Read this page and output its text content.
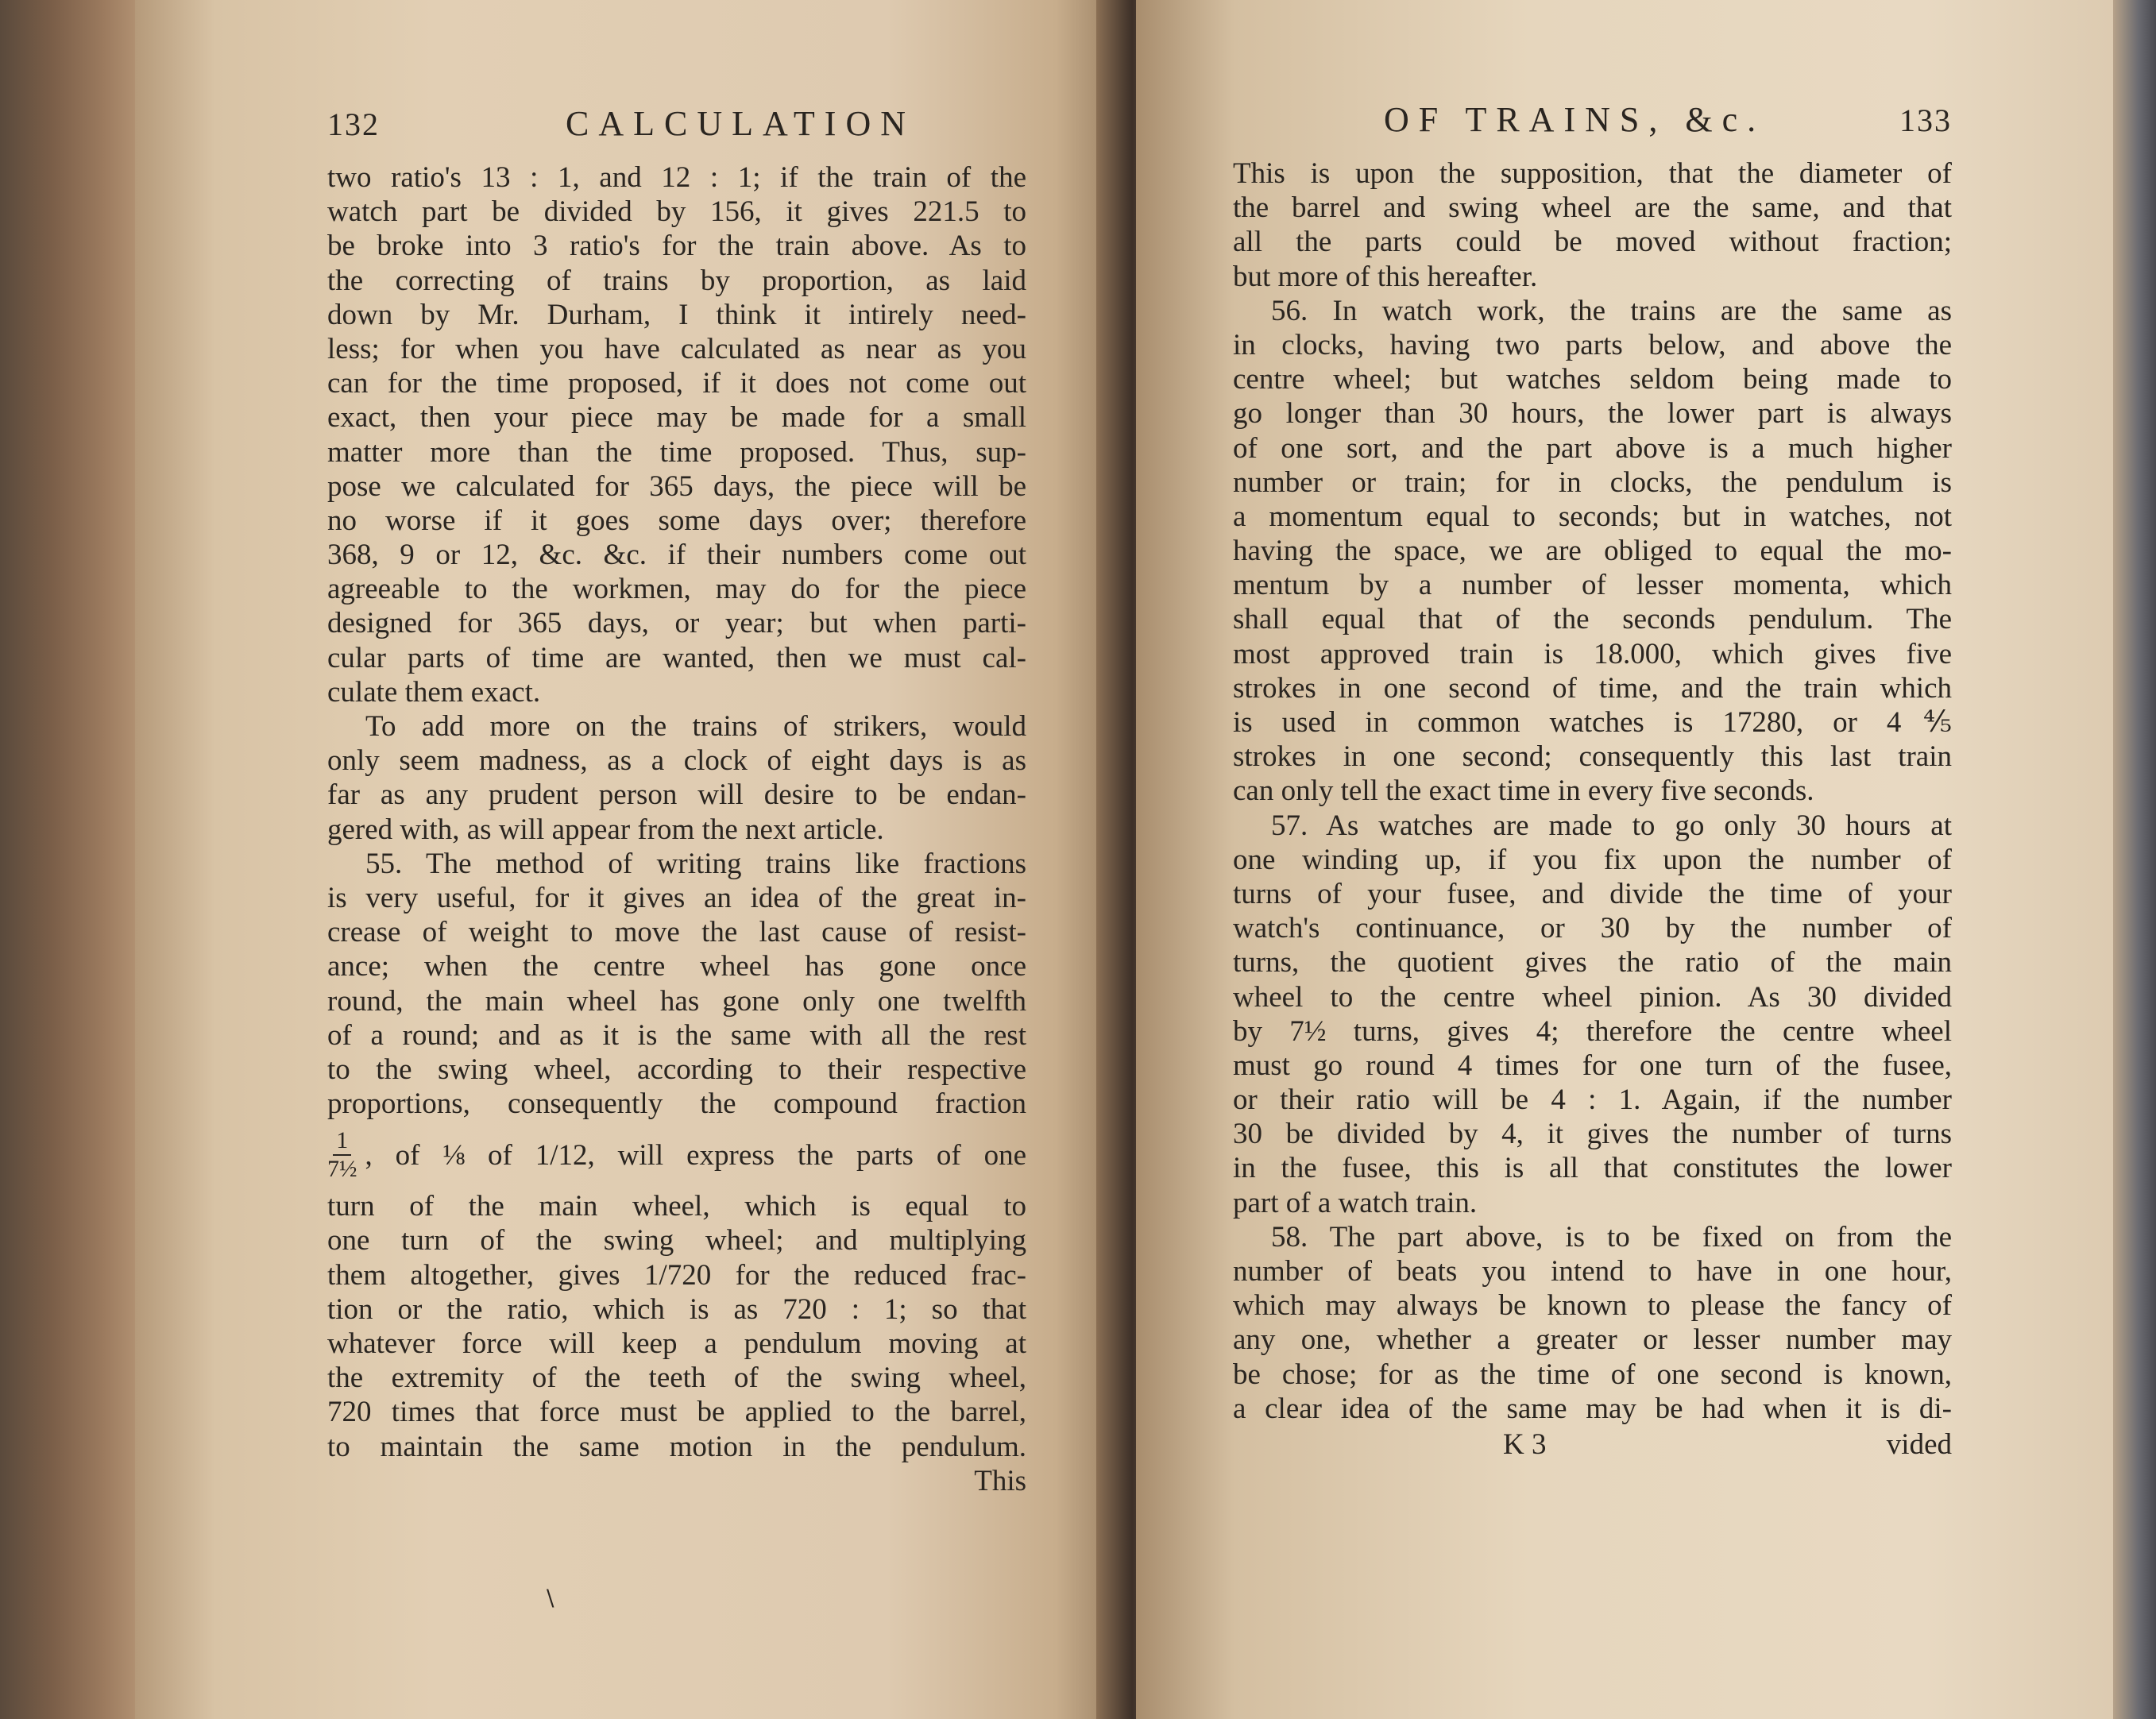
132	CALCULATION
two ratio's 13 : 1, and 12 : 1; if the train of the
watch part be divided by 156, it gives 221.5 to
be broke into 3 ratio's for the train above. As to
the correcting of trains by proportion, as laid
down by Mr. Durham, I think it intirely need-
less; for when you have calculated as near as you
can for the time proposed, if it does not come out
exact, then your piece may be made for a small
matter more than the time proposed. Thus, sup-
pose we calculated for 365 days, the piece will be
no worse if it goes some days over; therefore
368, 9 or 12, &c. &c. if their numbers come out
agreeable to the workmen, may do for the piece
designed for 365 days, or year; but when parti-
cular parts of time are wanted, then we must cal-
culate them exact.
To add more on the trains of strikers, would
only seem madness, as a clock of eight days is as
far as any prudent person will desire to be endan-
gered with, as will appear from the next article.
55. The method of writing trains like fractions
is very useful, for it gives an idea of the great in-
crease of weight to move the last cause of resist-
ance; when the centre wheel has gone once
round, the main wheel has gone only one twelfth
of a round; and as it is the same with all the rest
to the swing wheel, according to their respective
proportions, consequently the compound fraction
$\frac{1}{\text{7½}}$ , of ⅛ of 1/12, will express the parts of one
turn of the main wheel, which is equal to
one turn of the swing wheel; and multiplying
them altogether, gives 1/720 for the reduced frac-
tion or the ratio, which is as 720 : 1; so that
whatever force will keep a pendulum moving at
the extremity of the teeth of the swing wheel,
720 times that force must be applied to the barrel,
to maintain the same motion in the pendulum.
This
OF TRAINS, &c.	133
This is upon the supposition, that the diameter of
the barrel and swing wheel are the same, and that
all the parts could be moved without fraction;
but more of this hereafter.
56. In watch work, the trains are the same as
in clocks, having two parts below, and above the
centre wheel; but watches seldom being made to
go longer than 30 hours, the lower part is always
of one sort, and the part above is a much higher
number or train; for in clocks, the pendulum is
a momentum equal to seconds; but in watches, not
having the space, we are obliged to equal the mo-
mentum by a number of lesser momenta, which
shall equal that of the seconds pendulum. The
most approved train is 18.000, which gives five
strokes in one second of time, and the train which
is used in common watches is 17280, or 4⅘
strokes in one second; consequently this last train
can only tell the exact time in every five seconds.
57. As watches are made to go only 30 hours at
one winding up, if you fix upon the number of
turns of your fusee, and divide the time of your
watch's continuance, or 30 by the number of
turns, the quotient gives the ratio of the main
wheel to the centre wheel pinion. As 30 divided
by 7½ turns, gives 4; therefore the centre wheel
must go round 4 times for one turn of the fusee,
or their ratio will be 4 : 1. Again, if the number
30 be divided by 4, it gives the number of turns
in the fusee, this is all that constitutes the lower
part of a watch train.
58. The part above, is to be fixed on from the
number of beats you intend to have in one hour,
which may always be known to please the fancy of
any one, whether a greater or lesser number may
be chose; for as the time of one second is known,
a clear idea of the same may be had when it is di-
K 3	vided
\
